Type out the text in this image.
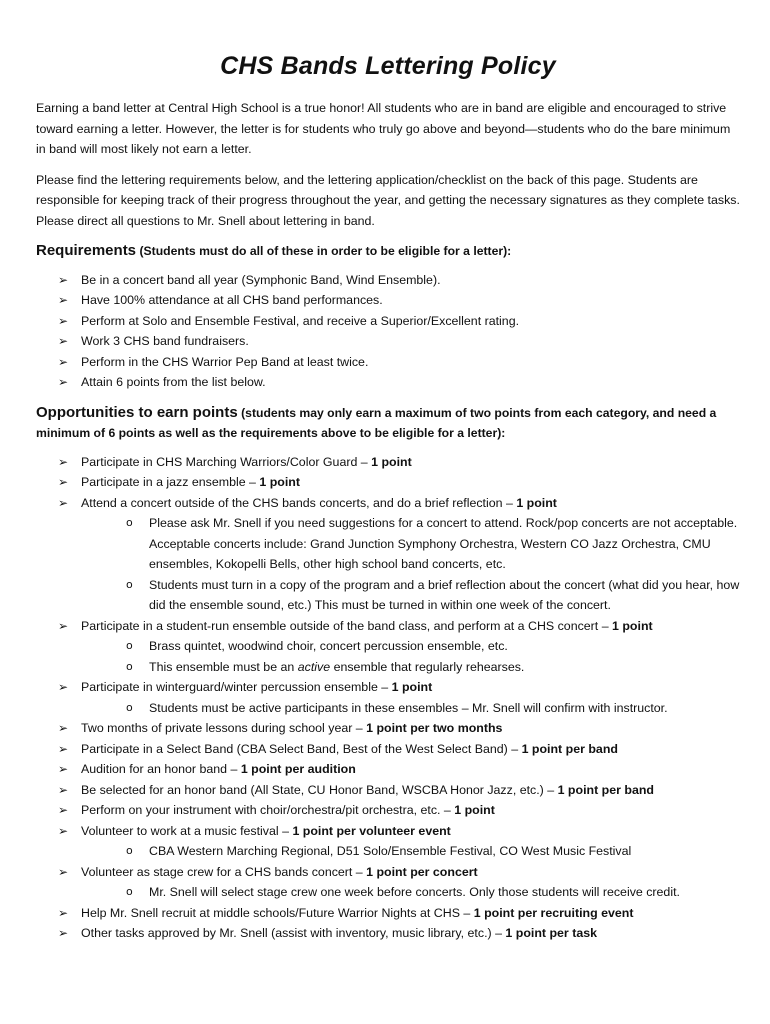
CHS Bands Lettering Policy

Earning a band letter at Central High School is a true honor! All students who are in band are eligible and encouraged to strive toward earning a letter. However, the letter is for students who truly go above and beyond—students who do the bare minimum in band will most likely not earn a letter.

Please find the lettering requirements below, and the lettering application/checklist on the back of this page. Students are responsible for keeping track of their progress throughout the year, and getting the necessary signatures as they complete tasks. Please direct all questions to Mr. Snell about lettering in band.

Requirements (Students must do all of these in order to be eligible for a letter):
➢ Be in a concert band all year (Symphonic Band, Wind Ensemble).
➢ Have 100% attendance at all CHS band performances.
➢ Perform at Solo and Ensemble Festival, and receive a Superior/Excellent rating.
➢ Work 3 CHS band fundraisers.
➢ Perform in the CHS Warrior Pep Band at least twice.
➢ Attain 6 points from the list below.
Opportunities to earn points (students may only earn a maximum of two points from each category, and need a minimum of 6 points as well as the requirements above to be eligible for a letter):
➢ Participate in CHS Marching Warriors/Color Guard – 1 point
➢ Participate in a jazz ensemble – 1 point
➢ Attend a concert outside of the CHS bands concerts, and do a brief reflection – 1 point
o Please ask Mr. Snell if you need suggestions for a concert to attend. Rock/pop concerts are not acceptable. Acceptable concerts include: Grand Junction Symphony Orchestra, Western CO Jazz Orchestra, CMU ensembles, Kokopelli Bells, other high school band concerts, etc.
o Students must turn in a copy of the program and a brief reflection about the concert (what did you hear, how did the ensemble sound, etc.) This must be turned in within one week of the concert.
➢ Participate in a student-run ensemble outside of the band class, and perform at a CHS concert – 1 point
o Brass quintet, woodwind choir, concert percussion ensemble, etc.
o This ensemble must be an active ensemble that regularly rehearses.
➢ Participate in winterguard/winter percussion ensemble – 1 point
o Students must be active participants in these ensembles – Mr. Snell will confirm with instructor.
➢ Two months of private lessons during school year – 1 point per two months
➢ Participate in a Select Band (CBA Select Band, Best of the West Select Band) – 1 point per band
➢ Audition for an honor band – 1 point per audition
➢ Be selected for an honor band (All State, CU Honor Band, WSCBA Honor Jazz, etc.) – 1 point per band
➢ Perform on your instrument with choir/orchestra/pit orchestra, etc. – 1 point
➢ Volunteer to work at a music festival – 1 point per volunteer event
o CBA Western Marching Regional, D51 Solo/Ensemble Festival, CO West Music Festival
➢ Volunteer as stage crew for a CHS bands concert – 1 point per concert
o Mr. Snell will select stage crew one week before concerts. Only those students will receive credit.
➢ Help Mr. Snell recruit at middle schools/Future Warrior Nights at CHS – 1 point per recruiting event
➢ Other tasks approved by Mr. Snell (assist with inventory, music library, etc.) – 1 point per task
